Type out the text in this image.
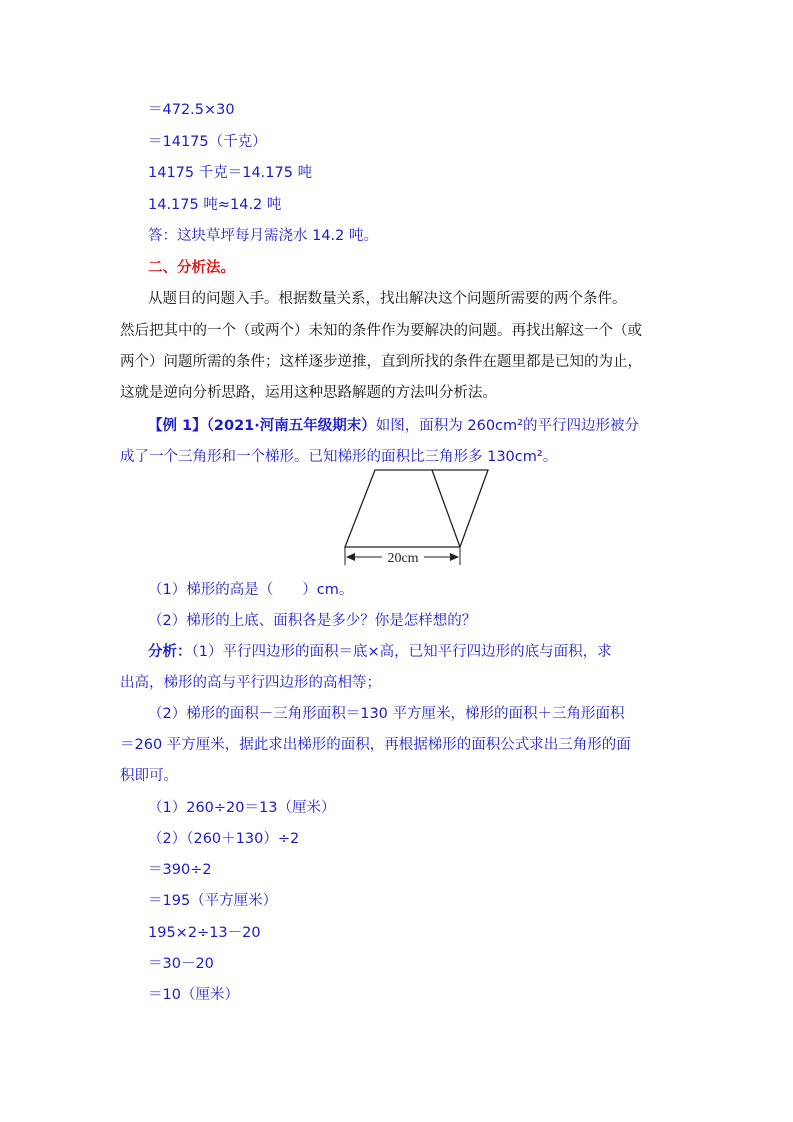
＝472.5×30
＝14175（千克）
14175 千克＝14.175 吨
14.175 吨≈14.2 吨
答：这块草坪每月需浇水 14.2 吨。
二、分析法。
从题目的问题入手。根据数量关系，找出解决这个问题所需要的两个条件。
然后把其中的一个（或两个）未知的条件作为要解决的问题。再找出解这一个（或
两个）问题所需的条件；这样逐步逆推，直到所找的条件在题里都是已知的为止，
这就是逆向分析思路，运用这种思路解题的方法叫分析法。
【例 1】（2021·河南五年级期末）如图，面积为 260cm²的平行四边形被分
成了一个三角形和一个梯形。已知梯形的面积比三角形多 130cm²。
20cm
（1）梯形的高是（　　）cm。
（2）梯形的上底、面积各是多少？你是怎样想的？
分析：（1）平行四边形的面积＝底×高，已知平行四边形的底与面积，求
出高，梯形的高与平行四边形的高相等；
（2）梯形的面积－三角形面积＝130 平方厘米，梯形的面积＋三角形面积
＝260 平方厘米，据此求出梯形的面积，再根据梯形的面积公式求出三角形的面
积即可。
（1）260÷20＝13（厘米）
（2）（260＋130）÷2
＝390÷2
＝195（平方厘米）
195×2÷13－20
＝30－20
＝10（厘米）
